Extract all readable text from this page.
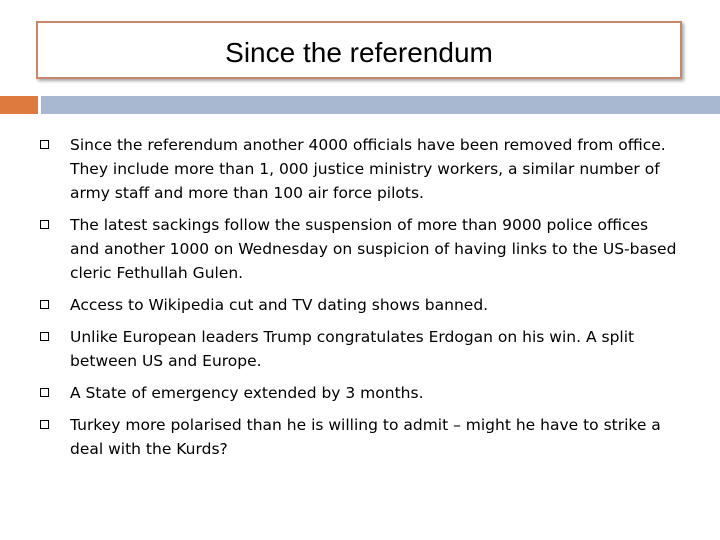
Since the referendum
Since the referendum another 4000 officials have been removed from office. They include more than 1, 000 justice ministry workers, a similar number of army staff and more than 100 air force pilots.
The latest sackings follow the suspension of more than 9000 police offices and another 1000 on Wednesday on suspicion of having links to the US-based cleric Fethullah Gulen.
Access to Wikipedia cut and TV dating shows banned.
Unlike European leaders Trump congratulates Erdogan on his win. A split between US and Europe.
A State of emergency extended by 3 months.
Turkey more polarised than he is willing to admit – might he have to strike a deal with the Kurds?
